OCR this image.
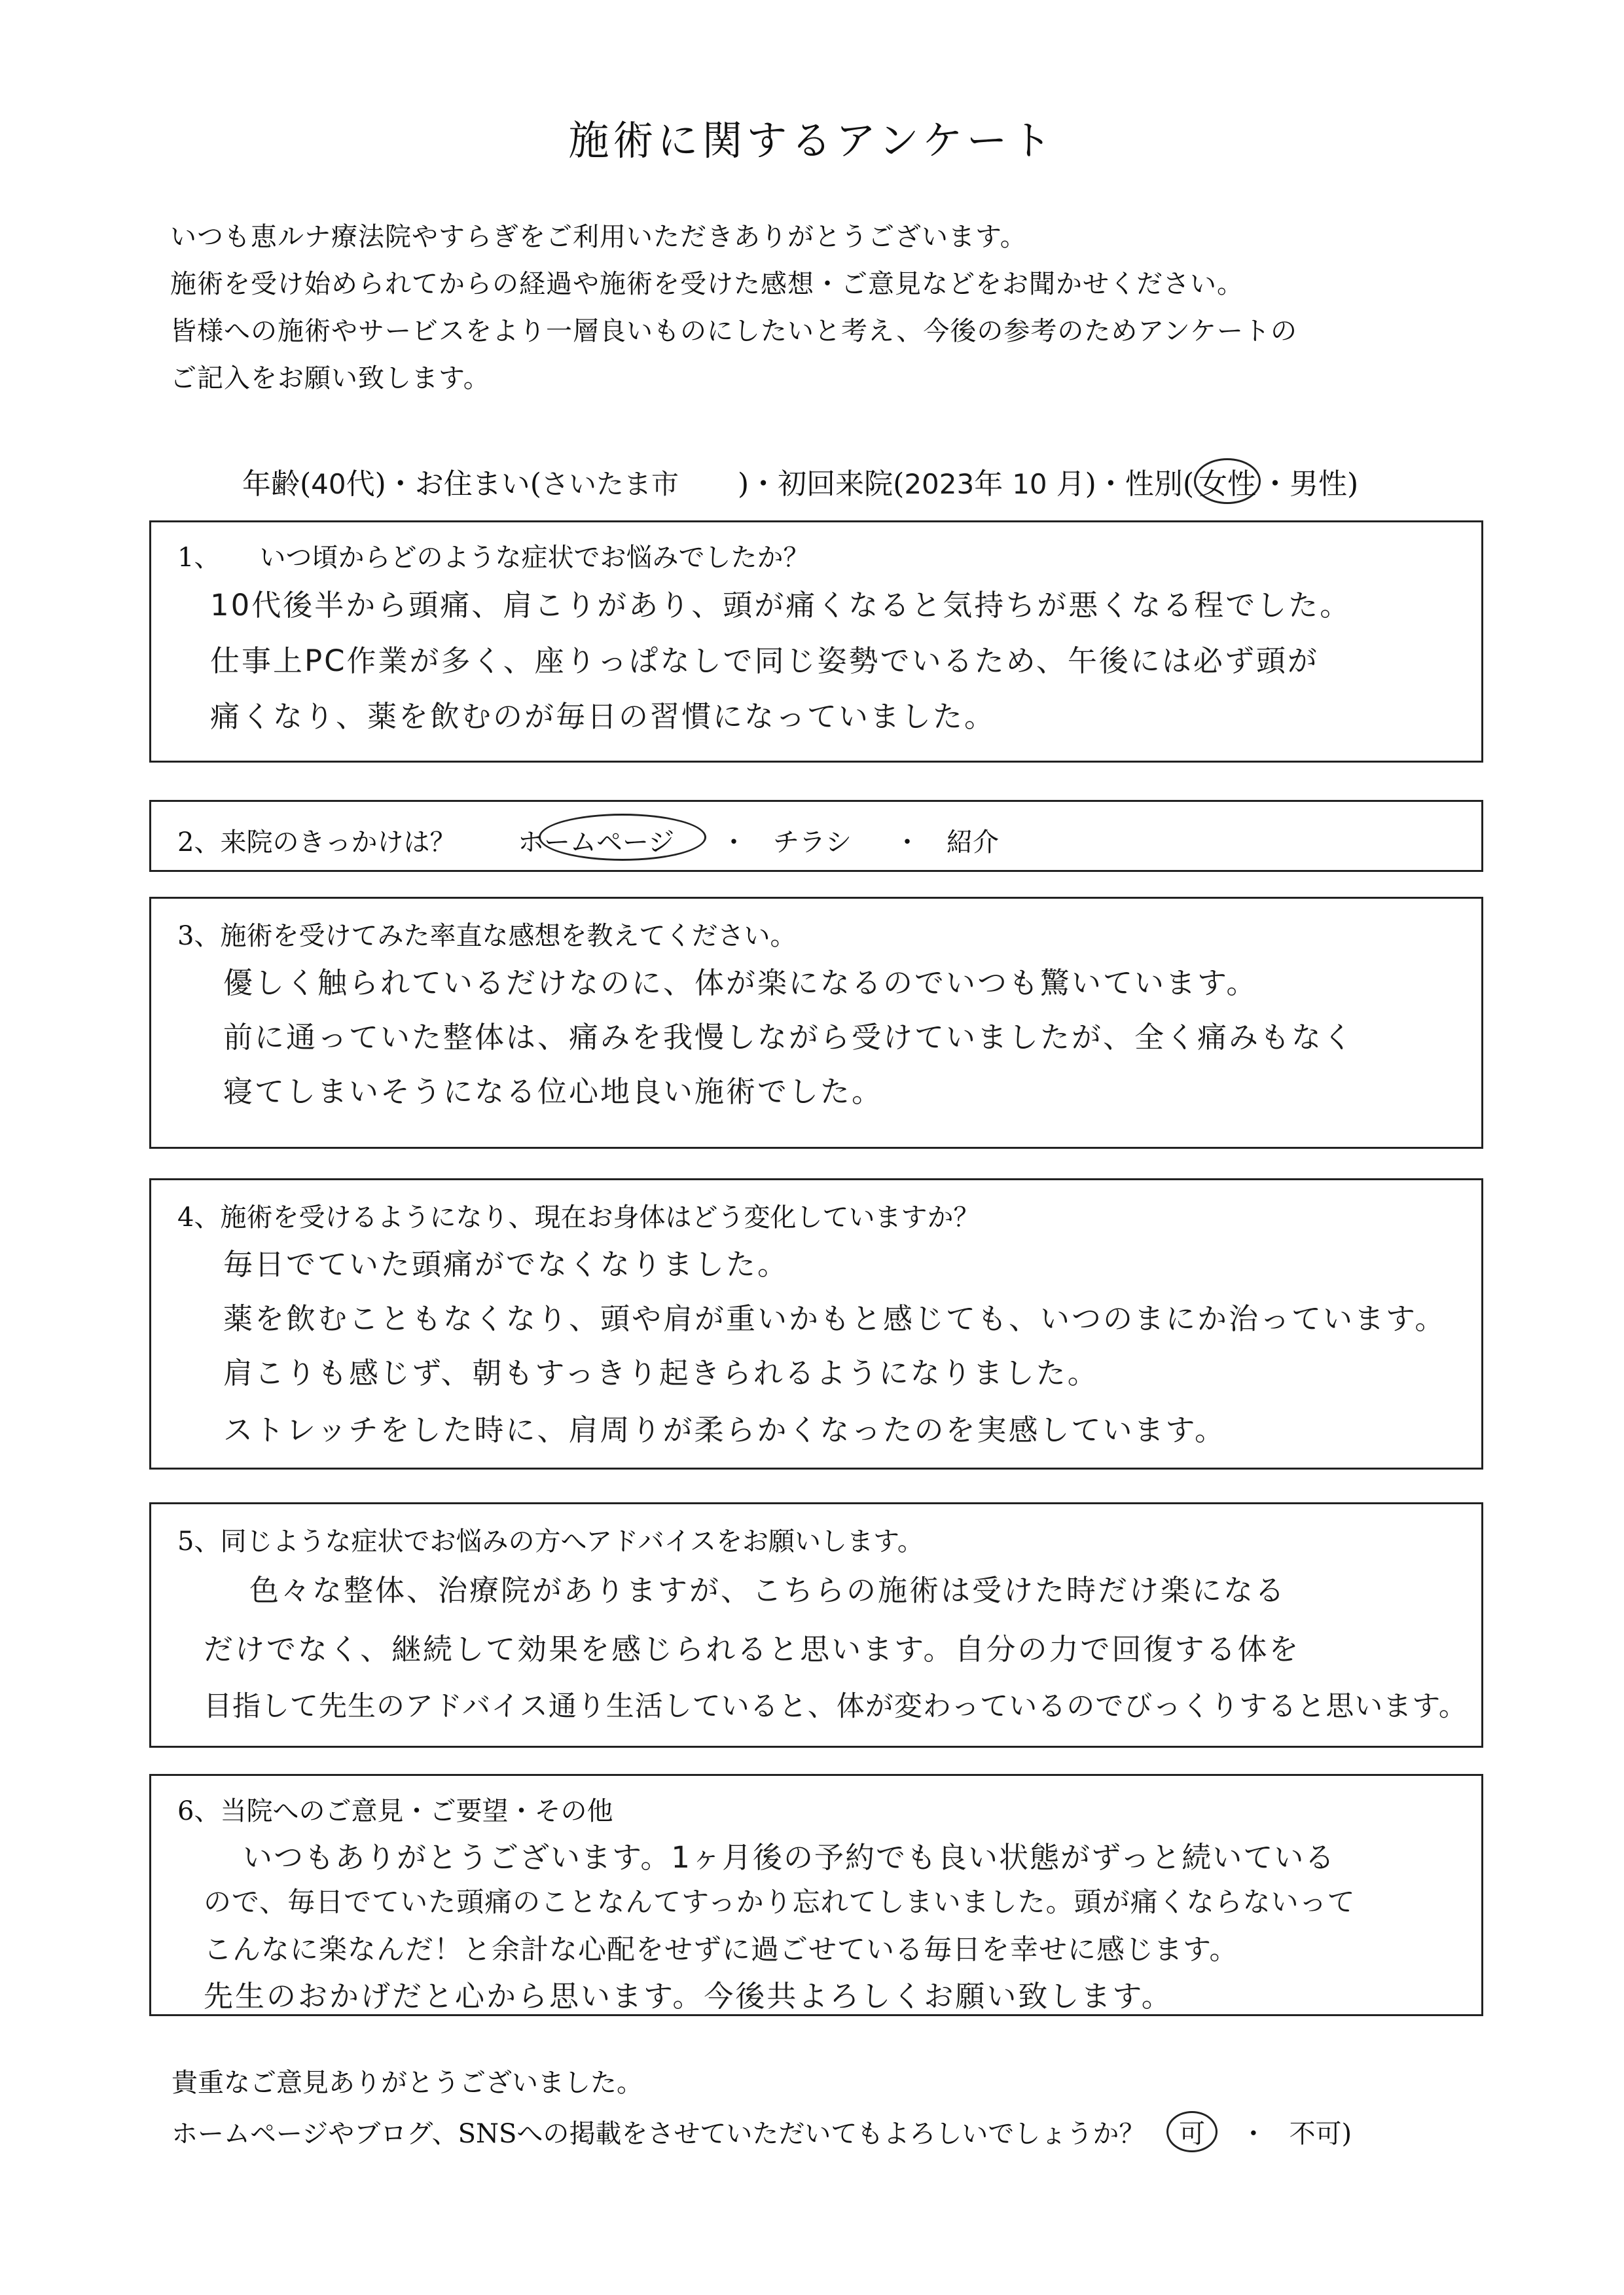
施術に関するアンケート
いつも恵ルナ療法院やすらぎをご利用いただきありがとうございます。
施術を受け始められてからの経過や施術を受けた感想・ご意見などをお聞かせください。
皆様への施術やサービスをより一層良いものにしたいと考え、今後の参考のためアンケートの
ご記入をお願い致します。
年齢(40代)・お住まい(さいたま市 )・初回来院(2023年 10 月)・性別( 女性 ・男性)
1、　　いつ頃からどのような症状でお悩みでしたか？
10代後半から頭痛、肩こりがあり、頭が痛くなると気持ちが悪くなる程でした。
仕事上PC作業が多く、座りっぱなしで同じ姿勢でいるため、午後には必ず頭が
痛くなり、薬を飲むのが毎日の習慣になっていました。
2、来院のきっかけは？ ホームページ ・ チラシ ・ 紹介
3、施術を受けてみた率直な感想を教えてください。
優しく触られているだけなのに、体が楽になるのでいつも驚いています。
前に通っていた整体は、痛みを我慢しながら受けていましたが、全く痛みもなく
寝てしまいそうになる位心地良い施術でした。
4、施術を受けるようになり、現在お身体はどう変化していますか？
毎日でていた頭痛がでなくなりました。
薬を飲むこともなくなり、頭や肩が重いかもと感じても、いつのまにか治っています。
肩こりも感じず、朝もすっきり起きられるようになりました。
ストレッチをした時に、肩周りが柔らかくなったのを実感しています。
5、同じような症状でお悩みの方へアドバイスをお願いします。
色々な整体、治療院がありますが、こちらの施術は受けた時だけ楽になる
だけでなく、継続して効果を感じられると思います。自分の力で回復する体を
目指して先生のアドバイス通り生活していると、体が変わっているのでびっくりすると思います。
6、当院へのご意見・ご要望・その他
いつもありがとうございます。1ヶ月後の予約でも良い状態がずっと続いている
ので、毎日でていた頭痛のことなんてすっかり忘れてしまいました。頭が痛くならないって
こんなに楽なんだ！と余計な心配をせずに過ごせている毎日を幸せに感じます。
先生のおかげだと心から思います。今後共よろしくお願い致します。
貴重なご意見ありがとうございました。
ホームページやブログ、SNSへの掲載をさせていただいてもよろしいでしょうか？ 可 ・ 不可)
